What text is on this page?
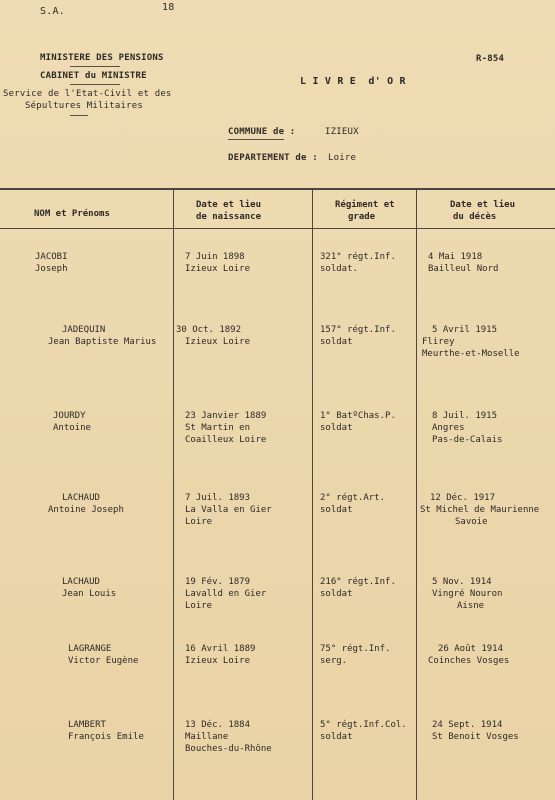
S.A.	18
R-854
MINISTERE DES PENSIONS
CABINET du MINISTRE
Service de l'Etat-Civil et des
Sépultures Militaires
L I V R E  d' O R
COMMUNE de :	IZIEUX
DEPARTEMENT de : Loire
NOM et Prénoms
Date et lieu
de naissance
Régiment et
grade
Date et lieu
du décès
JACOBI
Joseph
7 Juin 1898
Izieux Loire
321° régt.Inf.
soldat.
4 Mai 1918
Bailleul Nord
JADEQUIN
Jean Baptiste Marius
30 Oct. 1892
Izieux Loire
157° régt.Inf.
soldat
5 Avril 1915
Flirey
Meurthe-et-Moselle
JOURDY
Antoine
23 Janvier 1889
St Martin en
Coailleux Loire
1° BatºChas.P.
soldat
8 Juil. 1915
Angres
Pas-de-Calais
LACHAUD
Antoine Joseph
7 Juil. 1893
La Valla en Gier
Loire
2° régt.Art.
soldat
12 Déc. 1917
St Michel de Maurienne
Savoie
LACHAUD
Jean Louis
19 Fév. 1879
Lavalld en Gier
Loire
216° régt.Inf.
soldat
5 Nov. 1914
Vingré Nouron
Aisne
LAGRANGE
Victor Eugène
16 Avril 1889
Izieux Loire
75° régt.Inf.
serg.
26 Août 1914
Coinches Vosges
LAMBERT
François Emile
13 Déc. 1884
Maillane
Bouches-du-Rhône
5° régt.Inf.Col.
soldat
24 Sept. 1914
St Benoit Vosges
